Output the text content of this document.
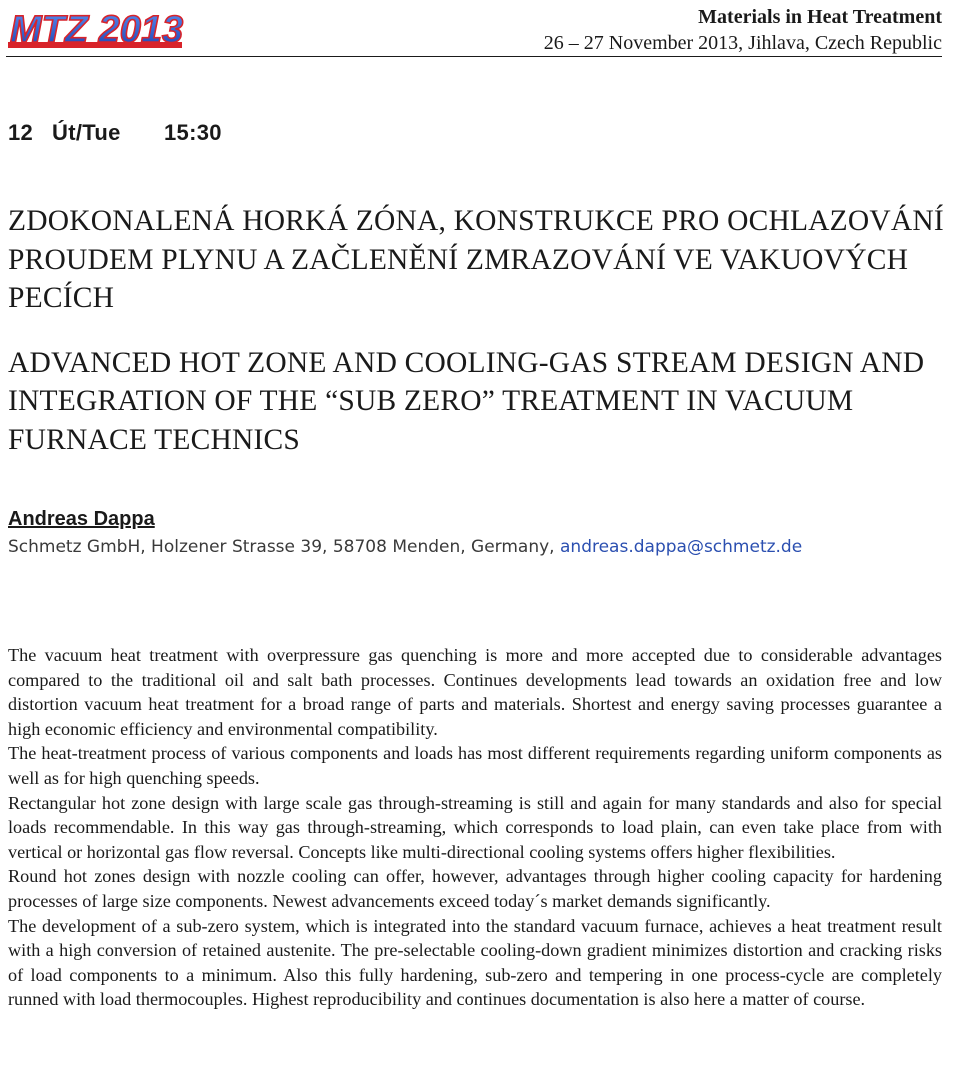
MTZ 2013	Materials in Heat Treatment
26 – 27 November 2013, Jihlava, Czech Republic
12 Út/Tue 15:30

ZDOKONALENÁ HORKÁ ZÓNA, KONSTRUKCE PRO OCHLAZOVÁNÍ PROUDEM PLYNU A ZAČLENĚNÍ ZMRAZOVÁNÍ VE VAKUOVÝCH PECÍCH

ADVANCED HOT ZONE AND COOLING-GAS STREAM DESIGN AND INTEGRATION OF THE “SUB ZERO” TREATMENT IN VACUUM FURNACE TECHNICS

Andreas Dappa
Schmetz GmbH, Holzener Strasse 39, 58708 Menden, Germany, andreas.dappa@schmetz.de

The vacuum heat treatment with overpressure gas quenching is more and more accepted due to considerable advantages compared to the traditional oil and salt bath processes. Continues developments lead towards an oxidation free and low distortion vacuum heat treatment for a broad range of parts and materials. Shortest and energy saving processes guarantee a high economic efficiency and environmental compatibility.

The heat-treatment process of various components and loads has most different requirements regarding uniform components as well as for high quenching speeds.

Rectangular hot zone design with large scale gas through-streaming is still and again for many standards and also for special loads recommendable. In this way gas through-streaming, which corresponds to load plain, can even take place from with vertical or horizontal gas flow reversal. Concepts like multi-directional cooling systems offers higher flexibilities.

Round hot zones design with nozzle cooling can offer, however, advantages through higher cooling capacity for hardening processes of large size components. Newest advancements exceed today´s market demands significantly.

The development of a sub-zero system, which is integrated into the standard vacuum furnace, achieves a heat treatment result with a high conversion of retained austenite. The pre-selectable cooling-down gradient minimizes distortion and cracking risks of load components to a minimum. Also this fully hardening, sub-zero and tempering in one process-cycle are completely runned with load thermocouples. Highest reproducibility and continues documentation is also here a matter of course.
